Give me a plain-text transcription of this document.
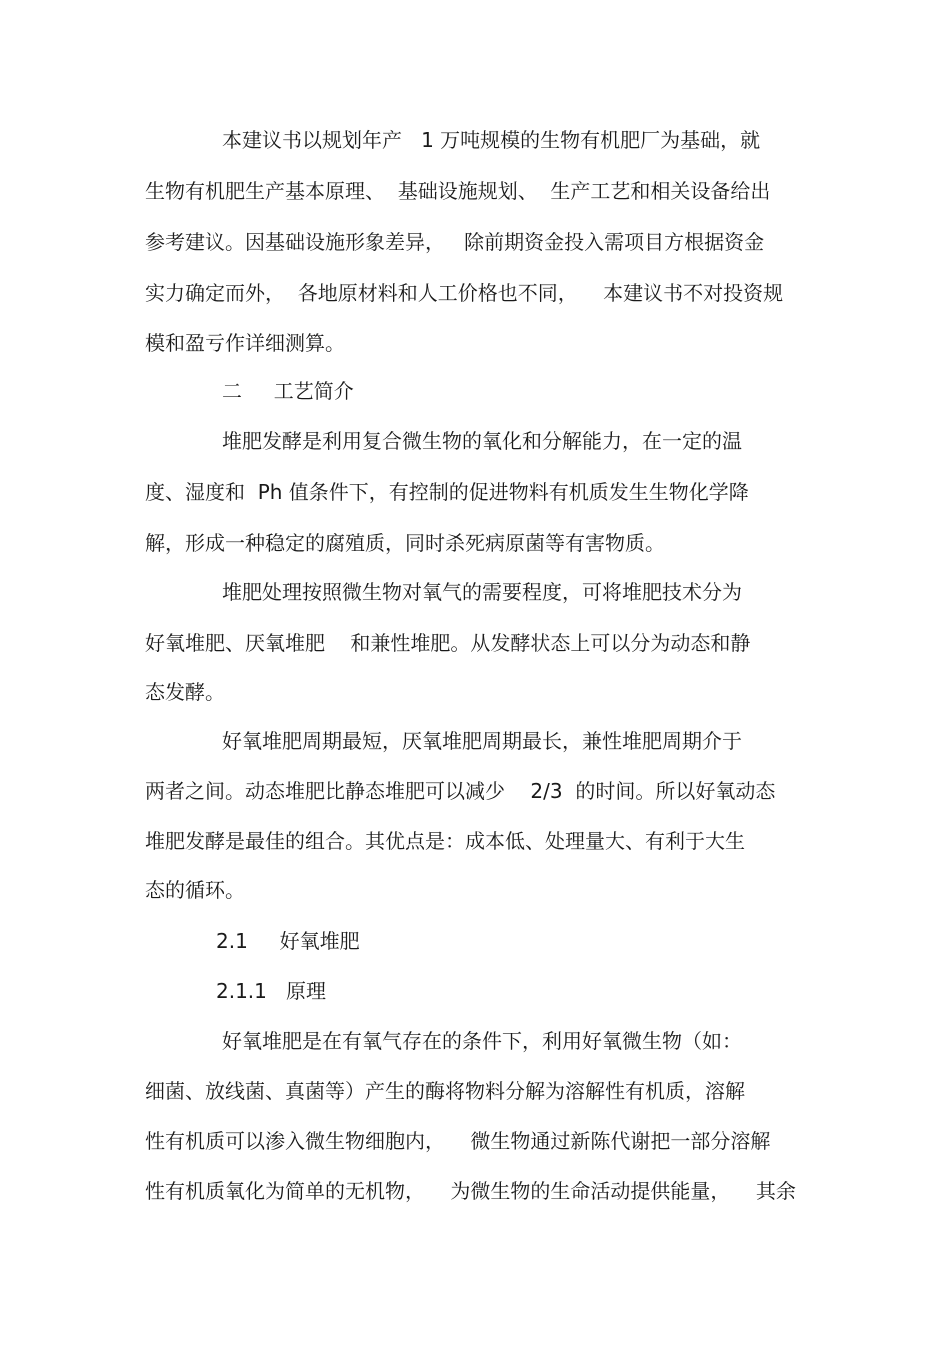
本建议书以规划年产   1 万吨规模的生物有机肥厂为基础，就

生物有机肥生产基本原理、  基础设施规划、  生产工艺和相关设备给出

参考建议。因基础设施形象差异，   除前期资金投入需项目方根据资金

实力确定而外，  各地原材料和人工价格也不同，    本建议书不对投资规

模和盈亏作详细测算。

二     工艺简介

堆肥发酵是利用复合微生物的氧化和分解能力，在一定的温

度、湿度和  Ph 值条件下，有控制的促进物料有机质发生生物化学降

解，形成一种稳定的腐殖质，同时杀死病原菌等有害物质。

堆肥处理按照微生物对氧气的需要程度，可将堆肥技术分为

好氧堆肥、厌氧堆肥    和兼性堆肥。从发酵状态上可以分为动态和静

态发酵。

好氧堆肥周期最短，厌氧堆肥周期最长，兼性堆肥周期介于

两者之间。动态堆肥比静态堆肥可以减少    2/3  的时间。所以好氧动态

堆肥发酵是最佳的组合。其优点是：成本低、处理量大、有利于大生

态的循环。

2.1     好氧堆肥

2.1.1   原理

好氧堆肥是在有氧气存在的条件下，利用好氧微生物（如：

细菌、放线菌、真菌等）产生的酶将物料分解为溶解性有机质，溶解

性有机质可以渗入微生物细胞内，    微生物通过新陈代谢把一部分溶解

性有机质氧化为简单的无机物，    为微生物的生命活动提供能量，    其余
